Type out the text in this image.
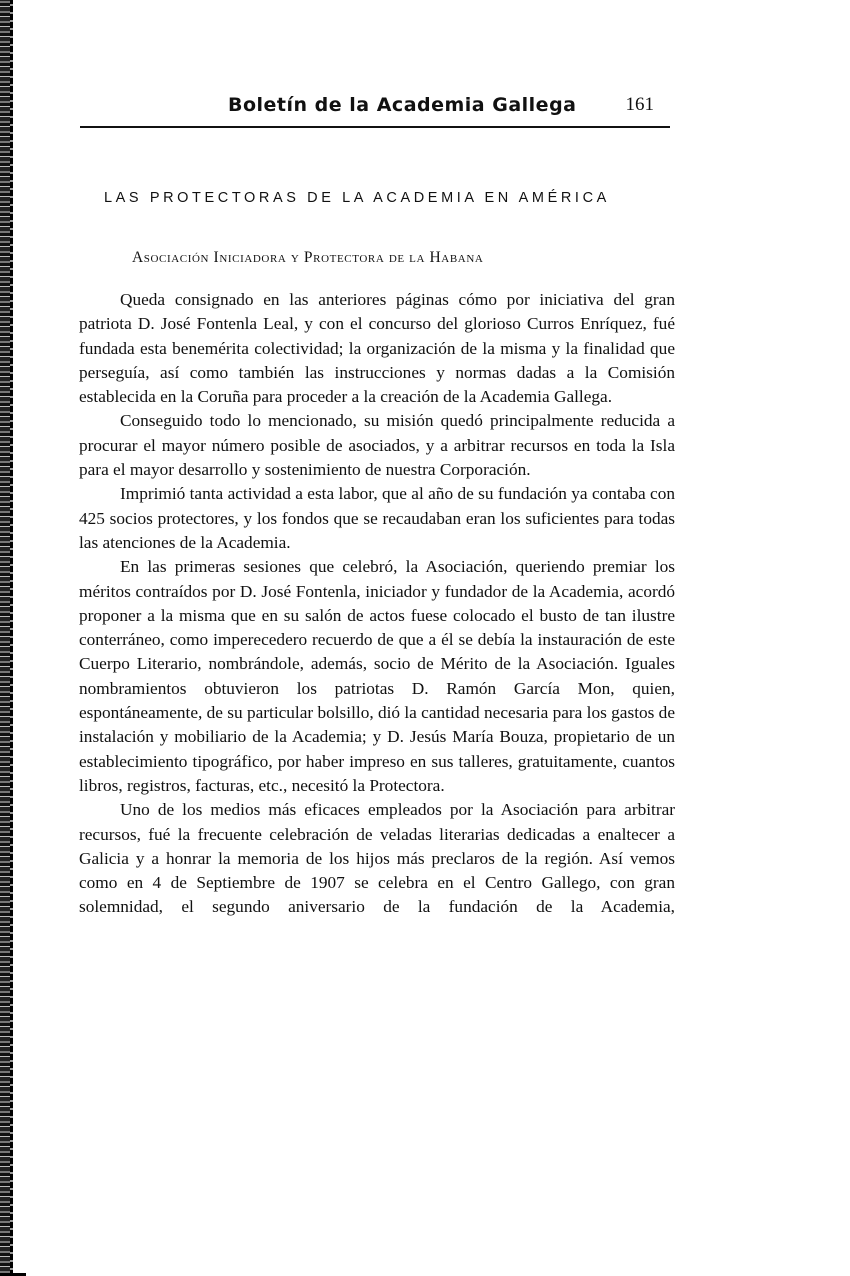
Boletín de la Academia Gallega	161
LAS PROTECTORAS DE LA ACADEMIA EN AMÉRICA
Asociación Iniciadora y Protectora de la Habana

Queda consignado en las anteriores páginas cómo por iniciativa del gran patriota D. José Fontenla Leal, y con el concurso del glorioso Curros Enríquez, fué fundada esta benemérita colectividad; la organización de la misma y la finalidad que perseguía, así como también las instrucciones y normas dadas a la Comisión establecida en la Coruña para proceder a la creación de la Academia Gallega.

Conseguido todo lo mencionado, su misión quedó principalmente reducida a procurar el mayor número posible de asociados, y a arbitrar recursos en toda la Isla para el mayor desarrollo y sostenimiento de nuestra Corporación.

Imprimió tanta actividad a esta labor, que al año de su fundación ya contaba con 425 socios protectores, y los fondos que se recaudaban eran los suficientes para todas las atenciones de la Academia.

En las primeras sesiones que celebró, la Asociación, queriendo premiar los méritos contraídos por D. José Fontenla, iniciador y fundador de la Academia, acordó proponer a la misma que en su salón de actos fuese colocado el busto de tan ilustre conterráneo, como imperecedero recuerdo de que a él se debía la instauración de este Cuerpo Literario, nombrándole, además, socio de Mérito de la Asociación. Iguales nombramientos obtuvieron los patriotas D. Ramón García Mon, quien, espontáneamente, de su particular bolsillo, dió la cantidad necesaria para los gastos de instalación y mobiliario de la Academia; y D. Jesús María Bouza, propietario de un establecimiento tipográfico, por haber impreso en sus talleres, gratuitamente, cuantos libros, registros, facturas, etc., necesitó la Protectora.

Uno de los medios más eficaces empleados por la Asociación para arbitrar recursos, fué la frecuente celebración de veladas literarias dedicadas a enaltecer a Galicia y a honrar la memoria de los hijos más preclaros de la región. Así vemos como en 4 de Septiembre de 1907 se celebra en el Centro Gallego, con gran solemnidad, el segundo aniversario de la fundación de la Academia,
